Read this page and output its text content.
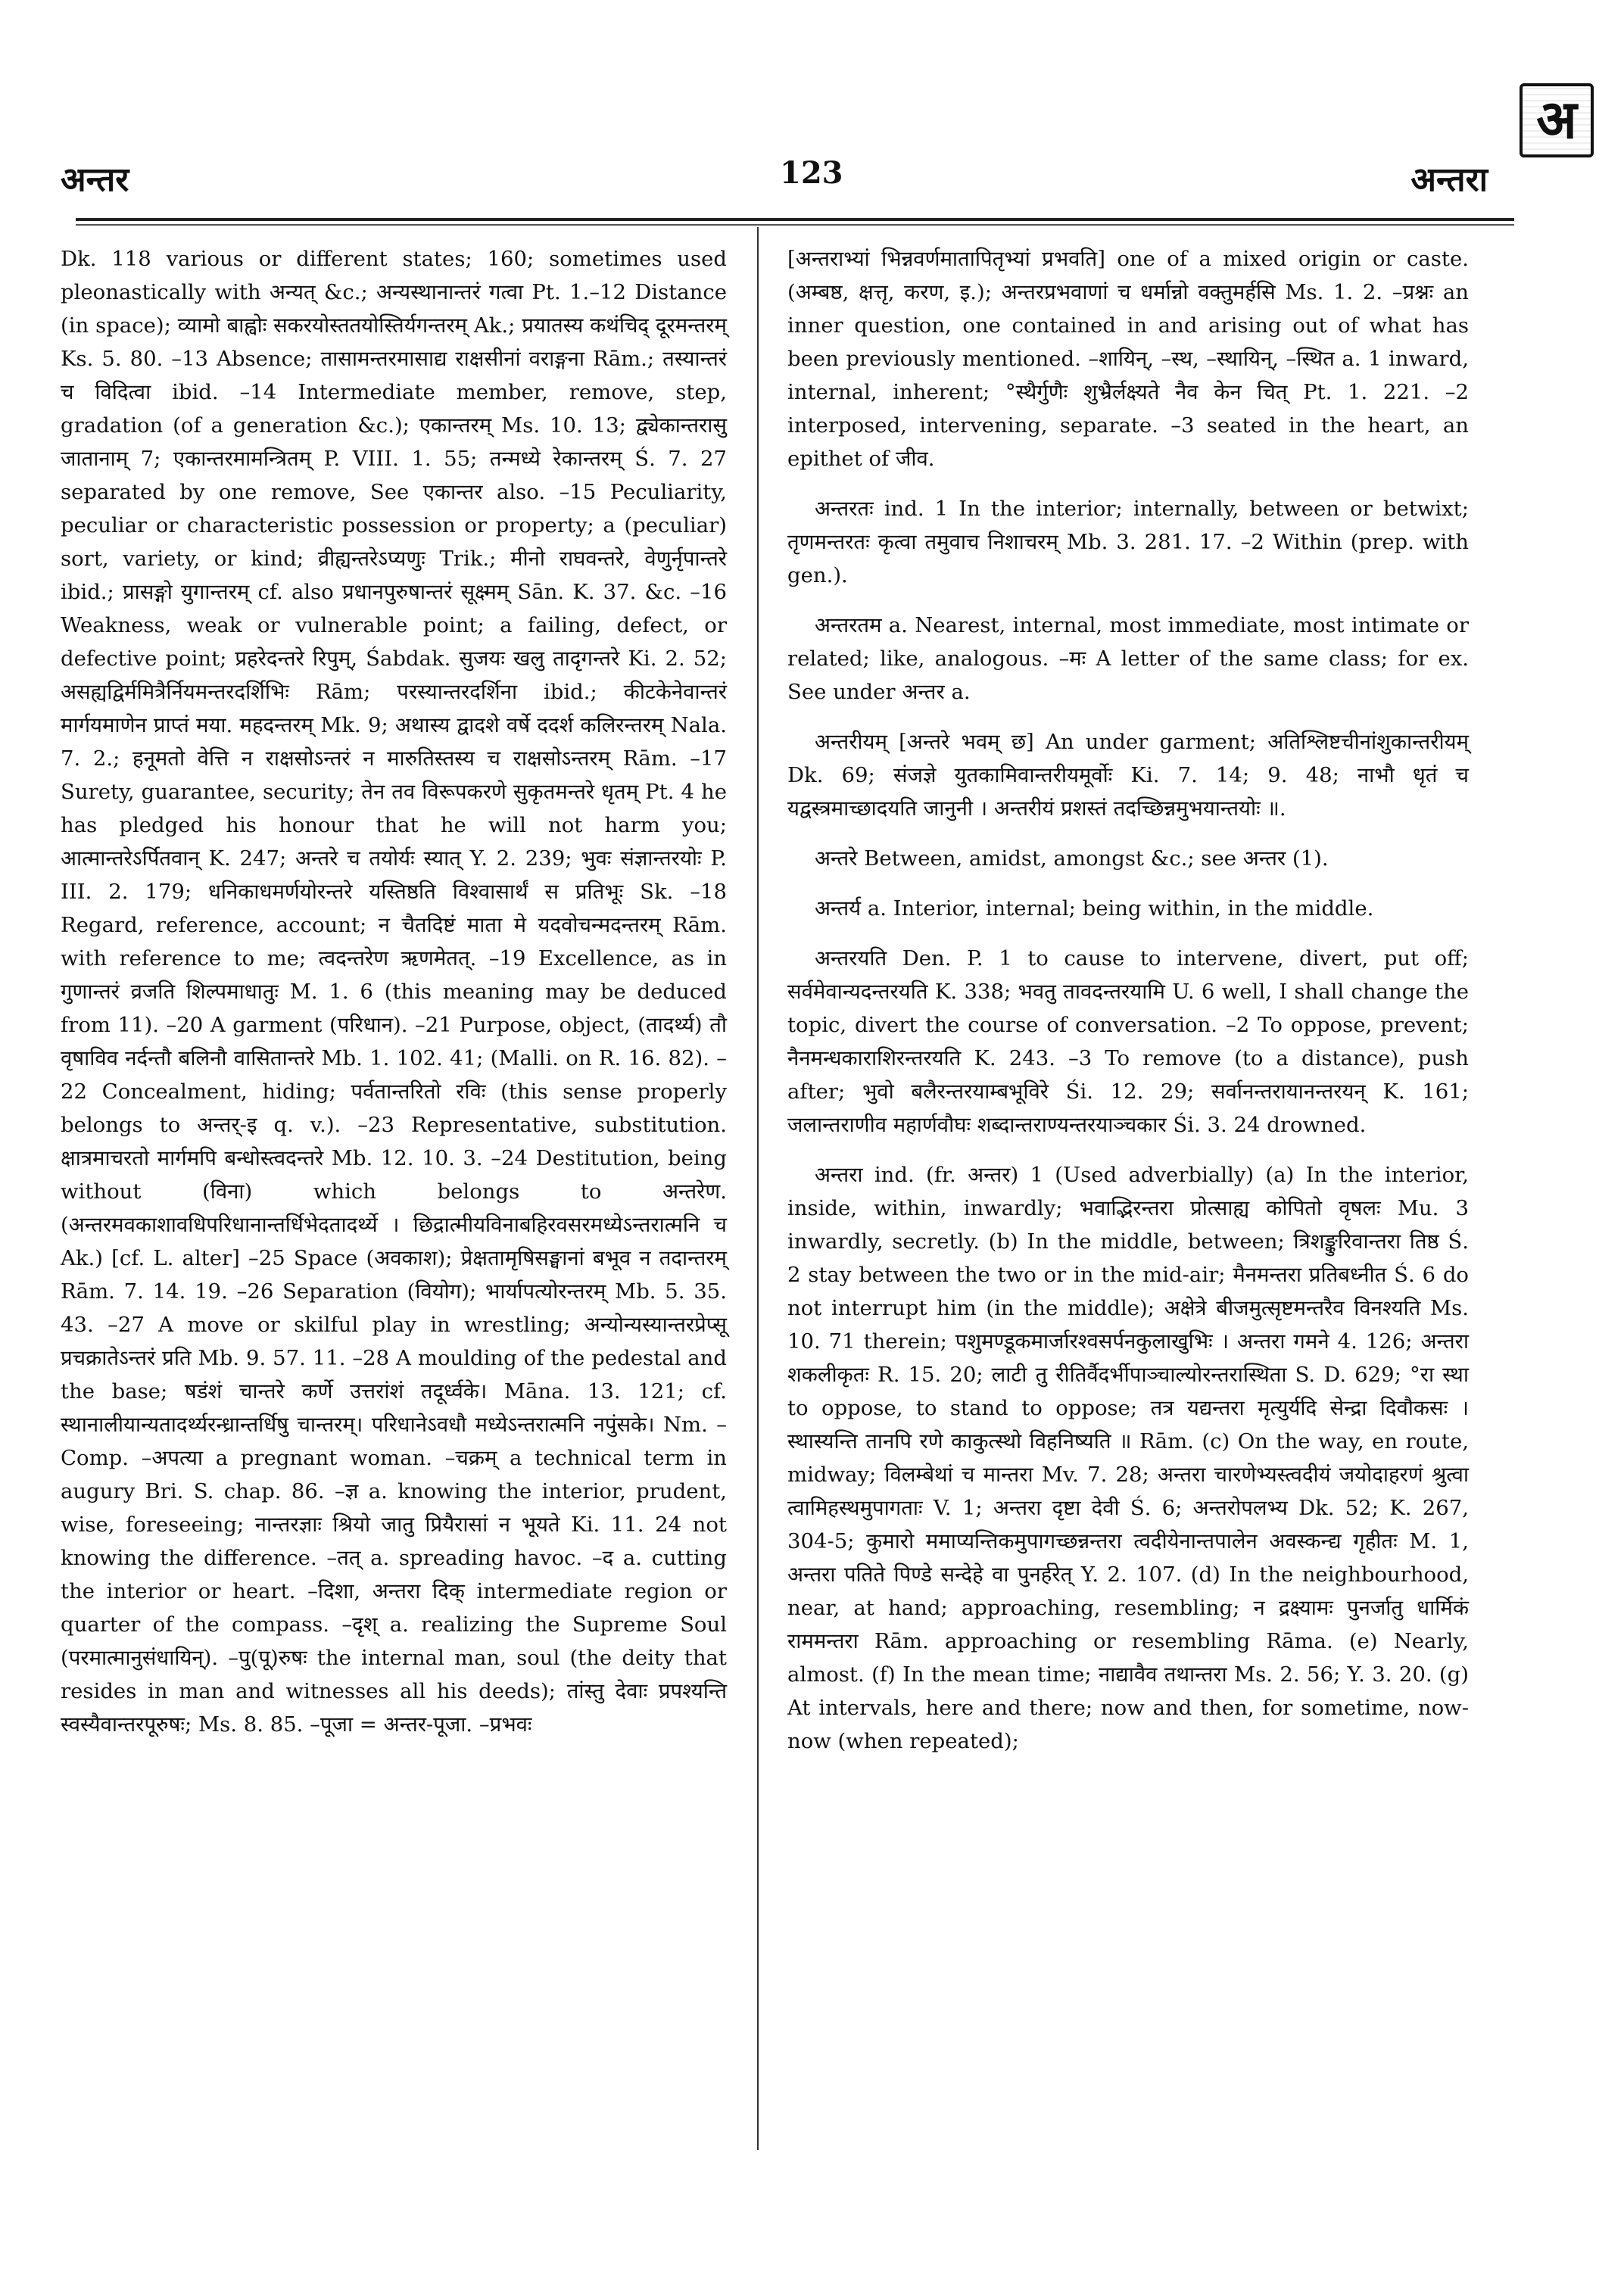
अ
अन्तर	123	अन्तरा

Dk. 118 various or different states; 160; sometimes used pleonastically with अन्यत् &c.; अन्यस्थानान्तरं गत्वा Pt. 1.–12 Distance (in space); व्यामो बाह्वोः सकरयोस्ततयोस्तिर्यगन्तरम् Ak.; प्रयातस्य कथंचिद् दूरमन्तरम् Ks. 5. 80. –13 Absence; तासामन्तरमासाद्य राक्षसीनां वराङ्गना Rām.; तस्यान्तरं च विदित्वा ibid. –14 Intermediate member, remove, step, gradation (of a generation &c.); एकान्तरम् Ms. 10. 13; द्व्येकान्तरासु जातानाम् 7; एकान्तरमामन्त्रितम् P. VIII. 1. 55; तन्मध्ये रेकान्तरम् Ś. 7. 27 separated by one remove, See एकान्तर also. –15 Peculiarity, peculiar or characteristic possession or property; a (peculiar) sort, variety, or kind; व्रीह्यन्तरेऽप्यणुः Trik.; मीनो राघवन्तरे, वेणुर्नृपान्तरे ibid.; प्रासङ्गो युगान्तरम् cf. also प्रधानपुरुषान्तरं सूक्ष्मम् Sān. K. 37. &c. –16 Weakness, weak or vulnerable point; a failing, defect, or defective point; प्रहरेदन्तरे रिपुम्, Śabdak. सुजयः खलु तादृगन्तरे Ki. 2. 52; असह्यद्विर्ममित्रैर्नियमन्तरदर्शिभिः Rām; परस्यान्तरदर्शिना ibid.; कीटकेनेवान्तरं मार्गयमाणेन प्राप्तं मया. महदन्तरम् Mk. 9; अथास्य द्वादशे वर्षे ददर्श कलिरन्तरम् Nala. 7. 2.; हनूमतो वेत्ति न राक्षसोऽन्तरं न मारुतिस्तस्य च राक्षसोऽन्तरम् Rām. –17 Surety, guarantee, security; तेन तव विरूपकरणे सुकृतमन्तरे धृतम् Pt. 4 he has pledged his honour that he will not harm you; आत्मान्तरेऽर्पितवान् K. 247; अन्तरे च तयोर्यः स्यात् Y. 2. 239; भुवः संज्ञान्तरयोः P. III. 2. 179; धनिकाधमर्णयोरन्तरे यस्तिष्ठति विश्वासार्थं स प्रतिभूः Sk. –18 Regard, reference, account; न चैतदिष्टं माता मे यदवोचन्मदन्तरम् Rām. with reference to me; त्वदन्तरेण ऋणमेतत्. –19 Excellence, as in गुणान्तरं व्रजति शिल्पमाधातुः M. 1. 6 (this meaning may be deduced from 11). –20 A garment (परिधान). –21 Purpose, object, (तादर्थ्य) तौ वृषाविव नर्दन्तौ बलिनौ वासितान्तरे Mb. 1. 102. 41; (Malli. on R. 16. 82). –22 Concealment, hiding; पर्वतान्तरितो रविः (this sense properly belongs to अन्तर्-इ q. v.). –23 Representative, substitution. क्षात्रमाचरतो मार्गमपि बन्धोस्त्वदन्तरे Mb. 12. 10. 3. –24 Destitution, being without (विना) which belongs to अन्तरेण. (अन्तरमवकाशावधिपरिधानान्तर्धिभेदतादर्थ्ये । छिद्रात्मीयविनाबहिरवसरमध्येऽन्तरात्मनि च Ak.) [cf. L. alter] –25 Space (अवकाश); प्रेक्षतामृषिसङ्घानां बभूव न तदान्तरम् Rām. 7. 14. 19. –26 Separation (वियोग); भार्यापत्योरन्तरम् Mb. 5. 35. 43. –27 A move or skilful play in wrestling; अन्योन्यस्यान्तरप्रेप्सू प्रचक्रातेऽन्तरं प्रति Mb. 9. 57. 11. –28 A moulding of the pedestal and the base; षडंशं चान्तरे कर्णे उत्तरांशं तदूर्ध्वके। Māna. 13. 121; cf. स्थानालीयान्यतादर्थ्यरन्ध्रान्तर्धिषु चान्तरम्। परिधानेऽवधौ मध्येऽन्तरात्मनि नपुंसके। Nm. –Comp. –अपत्या a pregnant woman. –चक्रम् a technical term in augury Bri. S. chap. 86. –ज्ञ a. knowing the interior, prudent, wise, foreseeing; नान्तरज्ञाः श्रियो जातु प्रियैरासां न भूयते Ki. 11. 24 not knowing the difference. –तत् a. spreading havoc. –द a. cutting the interior or heart. –दिशा, अन्तरा दिक् intermediate region or quarter of the compass. –दृश् a. realizing the Supreme Soul (परमात्मानुसंधायिन्). –पु(पू)रुषः the internal man, soul (the deity that resides in man and witnesses all his deeds); तांस्तु देवाः प्रपश्यन्ति स्वस्यैवान्तरपूरुषः; Ms. 8. 85. –पूजा = अन्तर-पूजा. –प्रभवः

[अन्तराभ्यां भिन्नवर्णमातापितृभ्यां प्रभवति] one of a mixed origin or caste. (अम्बष्ठ, क्षत्तृ, करण, इ.); अन्तरप्रभवाणां च धर्मान्नो वक्तुमर्हसि Ms. 1. 2. –प्रश्नः an inner question, one contained in and arising out of what has been previously mentioned. –शायिन्, –स्थ, –स्थायिन्, –स्थित a. 1 inward, internal, inherent; °स्थैर्गुणैः शुभ्रैर्लक्ष्यते नैव केन चित् Pt. 1. 221. –2 interposed, intervening, separate. –3 seated in the heart, an epithet of जीव.

अन्तरतः ind. 1 In the interior; internally, between or betwixt; तृणमन्तरतः कृत्वा तमुवाच निशाचरम् Mb. 3. 281. 17. –2 Within (prep. with gen.).

अन्तरतम a. Nearest, internal, most immediate, most intimate or related; like, analogous. –मः A letter of the same class; for ex. See under अन्तर a.

अन्तरीयम् [अन्तरे भवम् छ] An under garment; अतिश्लिष्टचीनांशुकान्तरीयम् Dk. 69; संजज्ञे युतकामिवान्तरीयमूर्वोः Ki. 7. 14; 9. 48; नाभौ धृतं च यद्वस्त्रमाच्छादयति जानुनी । अन्तरीयं प्रशस्तं तदच्छिन्नमुभयान्तयोः ॥.

अन्तरे Between, amidst, amongst &c.; see अन्तर (1).

अन्तर्य a. Interior, internal; being within, in the middle.

अन्तरयति Den. P. 1 to cause to intervene, divert, put off; सर्वमेवान्यदन्तरयति K. 338; भवतु तावदन्तरयामि U. 6 well, I shall change the topic, divert the course of conversation. –2 To oppose, prevent; नैनमन्धकाराशिरन्तरयति K. 243. –3 To remove (to a distance), push after; भुवो बलैरन्तरयाम्बभूविरे Śi. 12. 29; सर्वानन्तरायानन्तरयन् K. 161; जलान्तराणीव महार्णवौघः शब्दान्तराण्यन्तरयाञ्चकार Śi. 3. 24 drowned.

अन्तरा ind. (fr. अन्तर) 1 (Used adverbially) (a) In the interior, inside, within, inwardly; भवाद्भिरन्तरा प्रोत्साह्य कोपितो वृषलः Mu. 3 inwardly, secretly. (b) In the middle, between; त्रिशङ्कुरिवान्तरा तिष्ठ Ś. 2 stay between the two or in the mid-air; मैनमन्तरा प्रतिबध्नीत Ś. 6 do not interrupt him (in the middle); अक्षेत्रे बीजमुत्सृष्टमन्तरैव विनश्यति Ms. 10. 71 therein; पशुमण्डूकमार्जारश्वसर्पनकुलाखुभिः । अन्तरा गमने 4. 126; अन्तरा शकलीकृतः R. 15. 20; लाटी तु रीतिर्वैदर्भीपाञ्चाल्योरन्तरास्थिता S. D. 629; °रा स्था to oppose, to stand to oppose; तत्र यद्यन्तरा मृत्युर्यदि सेन्द्रा दिवौकसः । स्थास्यन्ति तानपि रणे काकुत्स्थो विहनिष्यति ॥ Rām. (c) On the way, en route, midway; विलम्बेथां च मान्तरा Mv. 7. 28; अन्तरा चारणेभ्यस्त्वदीयं जयोदाहरणं श्रुत्वा त्वामिहस्थमुपागताः V. 1; अन्तरा दृष्टा देवी Ś. 6; अन्तरोपलभ्य Dk. 52; K. 267, 304-5; कुमारो ममाप्यन्तिकमुपागच्छन्नन्तरा त्वदीयेनान्तपालेन अवस्कन्द्य गृहीतः M. 1, अन्तरा पतिते पिण्डे सन्देहे वा पुनर्हरेत् Y. 2. 107. (d) In the neighbourhood, near, at hand; approaching, resembling; न द्रक्ष्यामः पुनर्जातु धार्मिकं राममन्तरा Rām. approaching or resembling Rāma. (e) Nearly, almost. (f) In the mean time; नाद्यावैव तथान्तरा Ms. 2. 56; Y. 3. 20. (g) At intervals, here and there; now and then, for sometime, now-now (when repeated);
